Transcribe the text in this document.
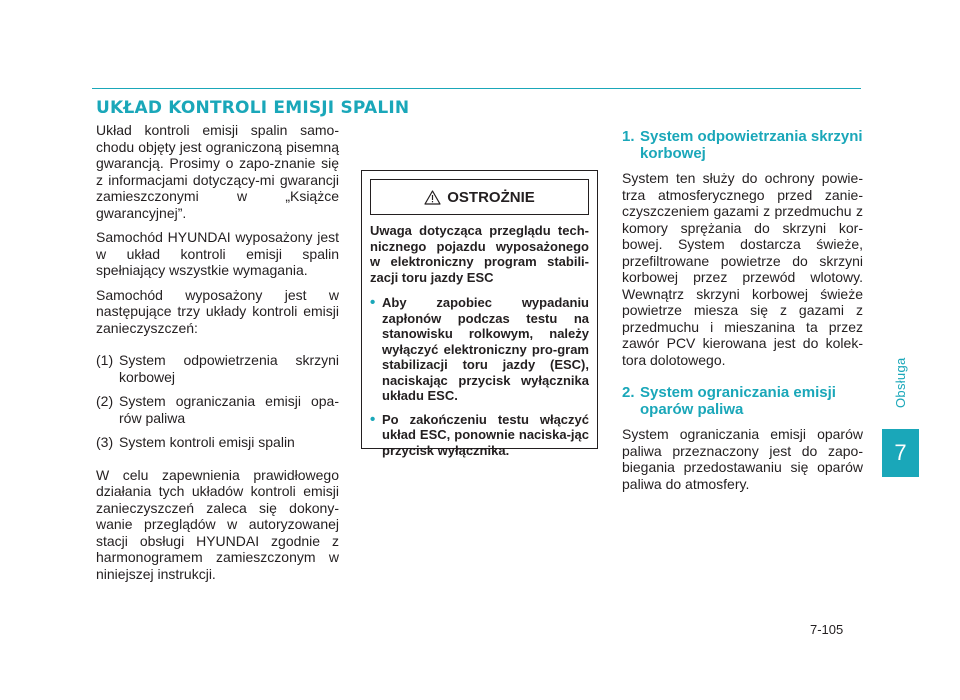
UKŁAD KONTROLI EMISJI SPALIN

Układ kontroli emisji spalin samo-chodu objęty jest ograniczoną pisemną gwarancją. Prosimy o zapo-znanie się z informacjami dotyczący-mi gwarancji zamieszczonymi w „Książce gwarancyjnej”.

Samochód HYUNDAI wyposażony jest w układ kontroli emisji spalin spełniający wszystkie wymagania.

Samochód wyposażony jest w następujące trzy układy kontroli emisji zanieczyszczeń:

(1) System odpowietrzenia skrzyni korbowej
(2) System ograniczania emisji opa-rów paliwa
(3) System kontroli emisji spalin

W celu zapewnienia prawidłowego działania tych układów kontroli emisji zanieczyszczeń zaleca się dokony-wanie przeglądów w autoryzowanej stacji obsługi HYUNDAI zgodnie z harmonogramem zamieszczonym w niniejszej instrukcji.

OSTROŻNIE

Uwaga dotycząca przeglądu tech-nicznego pojazdu wyposażonego w elektroniczny program stabili-zacji toru jazdy ESC

• Aby zapobiec wypadaniu zapłonów podczas testu na stanowisku rolkowym, należy wyłączyć elektroniczny pro-gram stabilizacji toru jazdy (ESC), naciskając przycisk wyłącznika układu ESC.
• Po zakończeniu testu włączyć układ ESC, ponownie naciska-jąc przycisk wyłącznika.
1. System odpowietrzania skrzyni korbowej

System ten służy do ochrony powie-trza atmosferycznego przed zanie-czyszczeniem gazami z przedmuchu z komory sprężania do skrzyni kor-bowej. System dostarcza świeże, przefiltrowane powietrze do skrzyni korbowej przez przewód wlotowy. Wewnątrz skrzyni korbowej świeże powietrze miesza się z gazami z przedmuchu i mieszanina ta przez zawór PCV kierowana jest do kolek-tora dolotowego.

2. System ograniczania emisji oparów paliwa

System ograniczania emisji oparów paliwa przeznaczony jest do zapo-biegania przedostawaniu się oparów paliwa do atmosfery.

Obsługa
7
7-105
